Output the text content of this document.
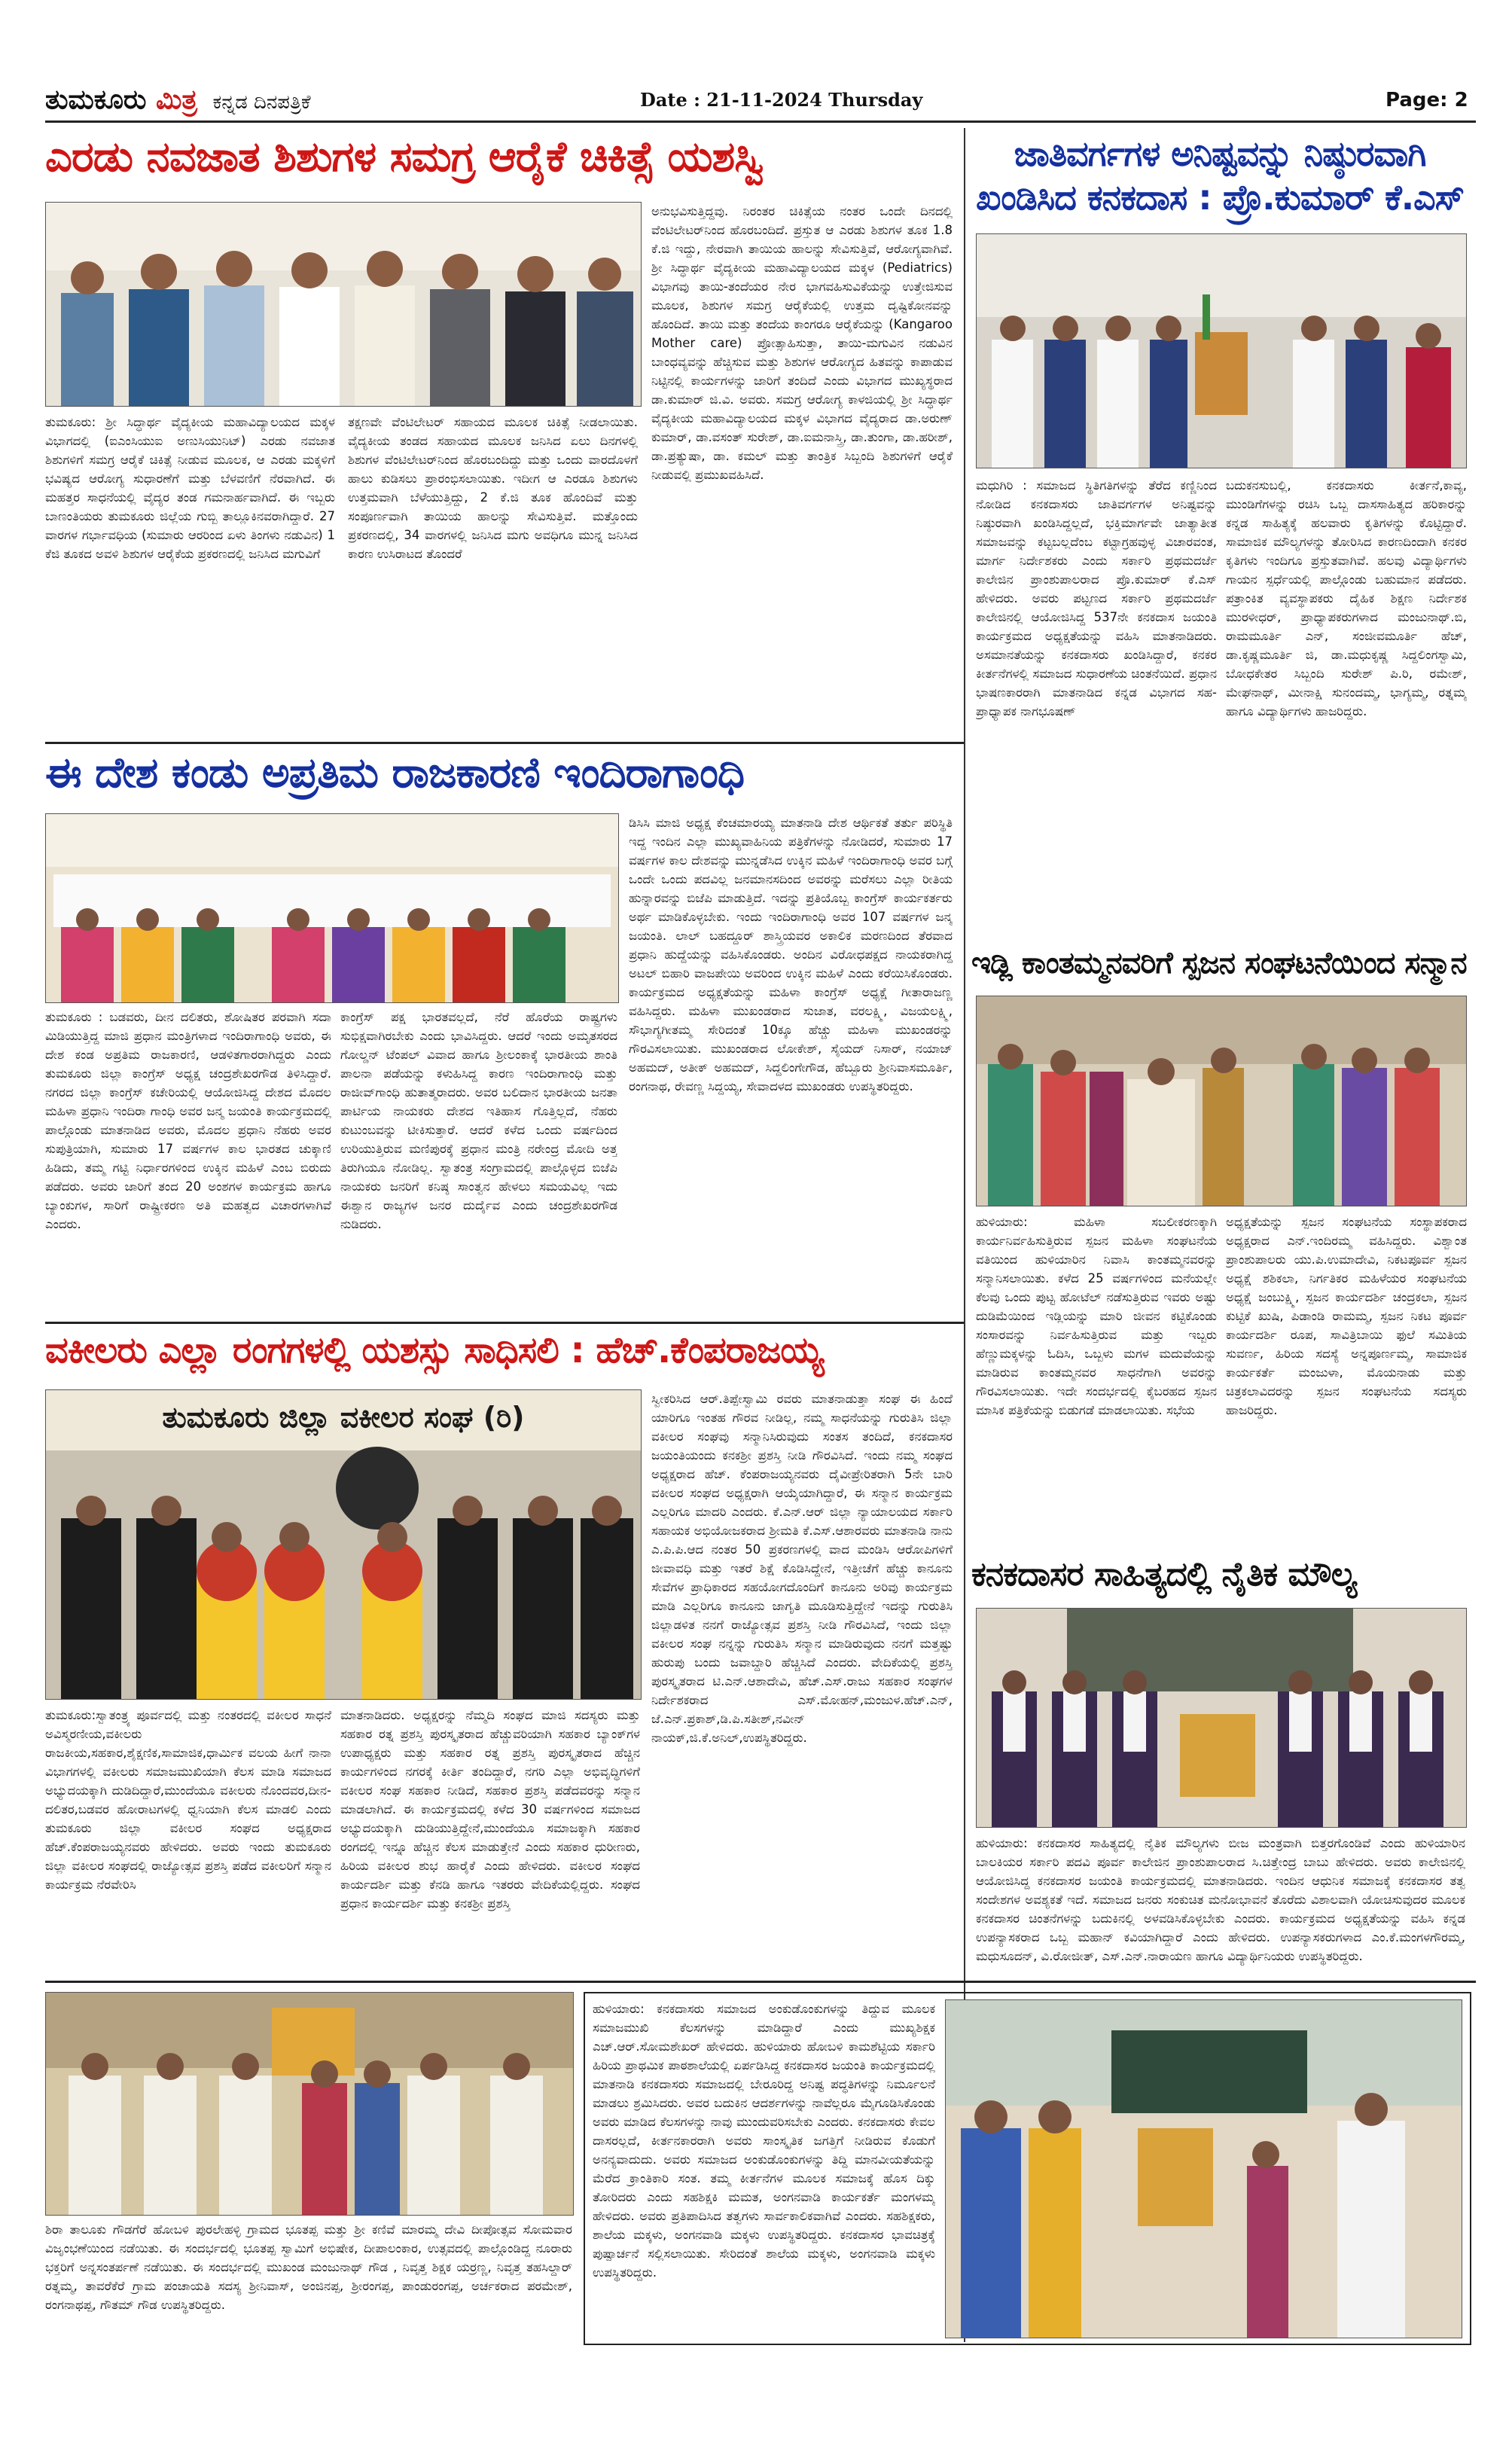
ತುಮಕೂರು ಮಿತ್ರ ಕನ್ನಡ ದಿನಪತ್ರಿಕೆ	Date : 21-11-2024 Thursday	Page: 2
ಎರಡು ನವಜಾತ ಶಿಶುಗಳ ಸಮಗ್ರ ಆರೈಕೆ ಚಿಕಿತ್ಸೆ ಯಶಸ್ವಿ
ತುಮಕೂರು: ಶ್ರೀ ಸಿದ್ಧಾರ್ಥ ವೈದ್ಯಕೀಯ ಮಹಾವಿದ್ಯಾಲಯದ ಮಕ್ಕಳ ವಿಭಾಗದಲ್ಲಿ (ಐಎಂಸಿಯುಐ ಅಣುಸಿಯುನಿಟ್) ಎರಡು ನವಜಾತ ಶಿಶುಗಳಿಗೆ ಸಮಗ್ರ ಆರೈಕೆ ಚಿಕಿತ್ಸೆ ನೀಡುವ ಮೂಲಕ, ಆ ಎರಡು ಮಕ್ಕಳಿಗೆ ಭವಿಷ್ಯದ ಆರೋಗ್ಯ ಸುಧಾರಣೆಗೆ ಮತ್ತು ಬೆಳವಣಿಗೆ ನೆರವಾಗಿದೆ. ಈ ಮಹತ್ತರ ಸಾಧನೆಯಲ್ಲಿ ವೈದ್ಯರ ತಂಡ ಗಮನಾರ್ಹವಾಗಿದೆ. ಈ ಇಬ್ಬರು ಬಾಣಂತಿಯರು ತುಮಕೂರು ಜಿಲ್ಲೆಯ ಗುಬ್ಬಿ ತಾಲ್ಲೂಕಿನವರಾಗಿದ್ದಾರೆ. 27 ವಾರಗಳ ಗರ್ಭಾವಧಿಯ (ಸುಮಾರು ಆರರಿಂದ ಏಳು ತಿಂಗಳು ನಡುವಿನ) 1 ಕೆಜಿ ತೂಕದ ಅವಳಿ ಶಿಶುಗಳ ಆರೈಕೆಯ ಪ್ರಕರಣದಲ್ಲಿ ಜನಿಸಿದ ಮಗುವಿಗೆ
ತಕ್ಷಣವೇ ವೆಂಟಿಲೇಟರ್ ಸಹಾಯದ ಮೂಲಕ ಚಿಕಿತ್ಸೆ ನೀಡಲಾಯಿತು. ವೈದ್ಯಕೀಯ ತಂಡದ ಸಹಾಯದ ಮೂಲಕ ಜನಿಸಿದ ಏಲು ದಿನಗಳಲ್ಲಿ ಶಿಶುಗಳ ವೆಂಟಿಲೇಟರ್‌ನಿಂದ ಹೊರಬಂದಿದ್ದು ಮತ್ತು ಒಂದು ವಾರದೊಳಗೆ ಹಾಲು ಕುಡಿಸಲು ಪ್ರಾರಂಭಿಸಲಾಯಿತು. ಇದೀಗ ಆ ಎರಡೂ ಶಿಶುಗಳು ಉತ್ತಮವಾಗಿ ಬೆಳೆಯುತ್ತಿದ್ದು, 2 ಕೆ.ಜಿ ತೂಕ ಹೊಂದಿವೆ ಮತ್ತು ಸಂಪೂರ್ಣವಾಗಿ ತಾಯಿಯ ಹಾಲನ್ನು ಸೇವಿಸುತ್ತಿವೆ. ಮತ್ತೊಂದು ಪ್ರಕರಣದಲ್ಲಿ, 34 ವಾರಗಳಲ್ಲಿ ಜನಿಸಿದ ಮಗು ಅವಧಿಗೂ ಮುನ್ನ ಜನಿಸಿದ ಕಾರಣ ಉಸಿರಾಟದ ತೊಂದರೆ
ಅನುಭವಿಸುತ್ತಿದ್ದವು. ನಿರಂತರ ಚಿಕಿತ್ಸೆಯ ನಂತರ ಒಂದೇ ದಿನದಲ್ಲಿ ವೆಂಟಿಲೇಟರ್‌ನಿಂದ ಹೊರಬಂದಿದೆ. ಪ್ರಸ್ತುತ ಆ ಎರಡು ಶಿಶುಗಳ ತೂಕ 1.8 ಕೆ.ಜಿ ಇದ್ದು, ನೇರವಾಗಿ ತಾಯಿಯ ಹಾಲನ್ನು ಸೇವಿಸುತ್ತಿವೆ, ಆರೋಗ್ಯವಾಗಿವೆ. ಶ್ರೀ ಸಿದ್ಧಾರ್ಥ ವೈದ್ಯಕೀಯ ಮಹಾವಿದ್ಯಾಲಯದ ಮಕ್ಕಳ (Pediatrics) ವಿಭಾಗವು ತಾಯಿ-ತಂದೆಯರ ನೇರ ಭಾಗವಹಿಸುವಿಕೆಯನ್ನು ಉತ್ತೇಜಿಸುವ ಮೂಲಕ, ಶಿಶುಗಳ ಸಮಗ್ರ ಆರೈಕೆಯಲ್ಲಿ ಉತ್ತಮ ದೃಷ್ಟಿಕೋನವನ್ನು ಹೊಂದಿದೆ. ತಾಯಿ ಮತ್ತು ತಂದೆಯ ಕಾಂಗರೂ ಆರೈಕೆಯನ್ನು (Kangaroo Mother care) ಪ್ರೋತ್ಸಾಹಿಸುತ್ತಾ, ತಾಯಿ-ಮಗುವಿನ ನಡುವಿನ ಬಾಂಧವ್ಯವನ್ನು ಹೆಚ್ಚಿಸುವ ಮತ್ತು ಶಿಶುಗಳ ಆರೋಗ್ಯದ ಹಿತವನ್ನು ಕಾಪಾಡುವ ನಿಟ್ಟಿನಲ್ಲಿ ಕಾರ್ಯಗಳನ್ನು ಜಾರಿಗೆ ತಂದಿದೆ ಎಂದು ವಿಭಾಗದ ಮುಖ್ಯಸ್ಥರಾದ ಡಾ.ಕುಮಾರ್ ಜಿ.ವಿ. ಅವರು. ಸಮಗ್ರ ಆರೋಗ್ಯ ಕಾಳಜಿಯಲ್ಲಿ ಶ್ರೀ ಸಿದ್ಧಾರ್ಥ ವೈದ್ಯಕೀಯ ಮಹಾವಿದ್ಯಾಲಯದ ಮಕ್ಕಳ ವಿಭಾಗದ ವೈದ್ಯರಾದ ಡಾ.ಅರುಣ್ ಕುಮಾರ್, ಡಾ.ವಸಂತ್ ಸುರೇಶ್, ಡಾ.ಐಮನಾಸ್ತ್ರಿ, ಡಾ.ತುಂಗಾ, ಡಾ.ಹರೀಶ್, ಡಾ.ಪ್ರತ್ಯುಷಾ, ಡಾ. ಕಮಲ್ ಮತ್ತು ತಾಂತ್ರಿಕ ಸಿಬ್ಬಂದಿ ಶಿಶುಗಳಿಗೆ ಆರೈಕೆ ನೀಡುವಲ್ಲಿ ಪ್ರಮುಖವಹಿಸಿದೆ.
ಜಾತಿವರ್ಗಗಳ ಅನಿಷ್ಟವನ್ನು ನಿಷ್ಠುರವಾಗಿ
ಖಂಡಿಸಿದ ಕನಕದಾಸ : ಪ್ರೊ.ಕುಮಾರ್ ಕೆ.ಎಸ್
ಮಧುಗಿರಿ : ಸಮಾಜದ ಸ್ಥಿತಿಗತಿಗಳನ್ನು ತೆರೆದ ಕಣ್ಣಿನಿಂದ ನೋಡಿದ ಕನಕದಾಸರು ಜಾತಿವರ್ಗಗಳ ಅನಿಷ್ಟವನ್ನು ನಿಷ್ಠುರವಾಗಿ ಖಂಡಿಸಿದ್ದಲ್ಲದೆ, ಭಕ್ತಿಮಾರ್ಗವೇ ಜಾತ್ಯಾತೀತ ಸಮಾಜವನ್ನು ಕಟ್ಟಬಲ್ಲದೆಂಬ ಕಟ್ಟಾಗ್ರಹವುಳ್ಳ ವಿಚಾರವಂತ, ಮಾರ್ಗ ನಿರ್ದೇಶಕರು ಎಂದು ಸರ್ಕಾರಿ ಪ್ರಥಮದರ್ಜೆ ಕಾಲೇಜಿನ ಪ್ರಾಂಶುಪಾಲರಾದ ಪ್ರೊ.ಕುಮಾರ್ ಕೆ.ಎಸ್ ಹೇಳಿದರು. ಅವರು ಪಟ್ಟಣದ ಸರ್ಕಾರಿ ಪ್ರಥಮದರ್ಜೆ ಕಾಲೇಜಿನಲ್ಲಿ ಆಯೋಜಿಸಿದ್ದ 537ನೇ ಕನಕದಾಸ ಜಯಂತಿ ಕಾರ್ಯಕ್ರಮದ ಅಧ್ಯಕ್ಷತೆಯನ್ನು ವಹಿಸಿ ಮಾತನಾಡಿದರು. ಅಸಮಾನತೆಯನ್ನು ಕನಕದಾಸರು ಖಂಡಿಸಿದ್ದಾರೆ, ಕನಕರ ಕೀರ್ತನೆಗಳಲ್ಲಿ ಸಮಾಜದ ಸುಧಾರಣೆಯ ಚಿಂತನೆಯಿದೆ. ಪ್ರಧಾನ ಭಾಷಣಕಾರರಾಗಿ ಮಾತನಾಡಿದ ಕನ್ನಡ ವಿಭಾಗದ ಸಹ-ಪ್ರಾಧ್ಯಾಪಕ ನಾಗಭೂಷಣ್
ಬದುಕನಸುಬಲ್ಲಿ, ಕನಕದಾಸರು ಕೀರ್ತನೆ,ಕಾವ್ಯ, ಮುಂಡಿಗೆಗಳನ್ನು ರಚಿಸಿ ಒಬ್ಬ ದಾಸಸಾಹಿತ್ಯದ ಹರಿಕಾರನ್ನು ಕನ್ನಡ ಸಾಹಿತ್ಯಕ್ಕೆ ಹಲವಾರು ಕೃತಿಗಳನ್ನು ಕೊಟ್ಟಿದ್ದಾರೆ. ಸಾಮಾಜಿಕ ಮೌಲ್ಯಗಳನ್ನು ತೋರಿಸಿದ ಕಾರಣದಿಂದಾಗಿ ಕನಕರ ಕೃತಿಗಳು ಇಂದಿಗೂ ಪ್ರಸ್ತುತವಾಗಿವೆ. ಹಲವು ವಿದ್ಯಾರ್ಥಿಗಳು ಗಾಯನ ಸ್ಪರ್ಧೆಯಲ್ಲಿ ಪಾಲ್ಗೊಂಡು ಬಹುಮಾನ ಪಡೆದರು. ಪತ್ರಾಂಕಿತ ವ್ಯವಸ್ಥಾಪಕರು ದೈಹಿಕ ಶಿಕ್ಷಣ ನಿರ್ದೇಶಕ ಮುರಳೀಧರ್, ಪ್ರಾಧ್ಯಾಪಕರುಗಳಾದ ಮಂಜುನಾಥ್.ಬಿ, ರಾಮಮೂರ್ತಿ ಎನ್, ಸಂಜೀವಮೂರ್ತಿ ಹೆಚ್, ಡಾ.ಕೃಷ್ಣಮೂರ್ತಿ ಜಿ, ಡಾ.ಮಧುಕೃಷ್ಣ ಸಿದ್ದಲಿಂಗಸ್ವಾಮಿ, ಬೋಧಕೇತರ ಸಿಬ್ಬಂದಿ ಸುರೇಶ್ ಪಿ.ರಿ, ರಮೇಶ್, ಮೇಘನಾಥ್, ಮೀನಾಕ್ಷಿ ಸುನಂದಮ್ಮ, ಭಾಗ್ಯಮ್ಮ, ರತ್ನಮ್ಮ ಹಾಗೂ ವಿದ್ಯಾರ್ಥಿಗಳು ಹಾಜರಿದ್ದರು.
ಈ ದೇಶ ಕಂಡು ಅಪ್ರತಿಮ ರಾಜಕಾರಣಿ ಇಂದಿರಾಗಾಂಧಿ
ತುಮಕೂರು : ಬಡವರು, ದೀನ ದಲಿತರು, ಶೋಷಿತರ ಪರವಾಗಿ ಸದಾ ಮಿಡಿಯುತ್ತಿದ್ದ ಮಾಜಿ ಪ್ರಧಾನ ಮಂತ್ರಿಗಳಾದ ಇಂದಿರಾಗಾಂಧಿ ಅವರು, ಈ ದೇಶ ಕಂಡ ಅಪ್ರತಿಮ ರಾಜಕಾರಣಿ, ಆಡಳಿತಗಾರರಾಗಿದ್ದರು ಎಂದು ತುಮಕೂರು ಜಿಲ್ಲಾ ಕಾಂಗ್ರೆಸ್ ಅಧ್ಯಕ್ಷ ಚಂದ್ರಶೇಖರಗೌಡ ತಿಳಿಸಿದ್ದಾರೆ. ನಗರದ ಜಿಲ್ಲಾ ಕಾಂಗ್ರೆಸ್ ಕಚೇರಿಯಲ್ಲಿ ಆಯೋಜಿಸಿದ್ದ ದೇಶದ ಮೊದಲ ಮಹಿಳಾ ಪ್ರಧಾನಿ ಇಂದಿರಾ ಗಾಂಧಿ ಅವರ ಜನ್ಮ ಜಯಂತಿ ಕಾರ್ಯಕ್ರಮದಲ್ಲಿ ಪಾಲ್ಗೊಂಡು ಮಾತನಾಡಿದ ಅವರು, ಮೊದಲ ಪ್ರಧಾನಿ ನೆಹರು ಅವರ ಸುಪುತ್ರಿಯಾಗಿ, ಸುಮಾರು 17 ವರ್ಷಗಳ ಕಾಲ ಭಾರತದ ಚುಕ್ಕಾಣಿ ಹಿಡಿದು, ತಮ್ಮ ಗಟ್ಟಿ ನಿರ್ಧಾರಗಳಿಂದ ಉಕ್ಕಿನ ಮಹಿಳೆ ಎಂಬ ಬಿರುದು ಪಡೆದರು. ಅವರು ಜಾರಿಗೆ ತಂದ 20 ಅಂಶಗಳ ಕಾರ್ಯಕ್ರಮ ಹಾಗೂ ಬ್ಯಾಂಕುಗಳ, ಸಾರಿಗೆ ರಾಷ್ಟ್ರೀಕರಣ ಅತಿ ಮಹತ್ವದ ವಿಚಾರಗಳಾಗಿವೆ ಎಂದರು.
ಕಾಂಗ್ರೆಸ್ ಪಕ್ಷ ಭಾರತವಲ್ಲದೆ, ನೆರೆ ಹೊರೆಯ ರಾಷ್ಟ್ರಗಳು ಸುಭಿಕ್ಷವಾಗಿರಬೇಕು ಎಂದು ಭಾವಿಸಿದ್ದರು. ಆದರೆ ಇಂದು ಅಮೃತಸರದ ಗೋಲ್ಡನ್ ಟೆಂಪಲ್ ವಿವಾದ ಹಾಗೂ ಶ್ರೀಲಂಕಾಕ್ಕೆ ಭಾರತೀಯ ಶಾಂತಿ ಪಾಲನಾ ಪಡೆಯನ್ನು ಕಳುಹಿಸಿದ್ದ ಕಾರಣ ಇಂದಿರಾಗಾಂಧಿ ಮತ್ತು ರಾಜೀವ್‌ಗಾಂಧಿ ಹುತಾತ್ಮರಾದರು. ಅವರ ಬಲಿದಾನ ಭಾರತೀಯ ಜನತಾ ಪಾರ್ಟಿಯ ನಾಯಕರು ದೇಶದ ಇತಿಹಾಸ ಗೊತ್ತಿಲ್ಲದೆ, ನೆಹರು ಕುಟುಂಬವನ್ನು ಟೀಕಿಸುತ್ತಾರೆ. ಆದರೆ ಕಳೆದ ಒಂದು ವರ್ಷದಿಂದ ಉರಿಯುತ್ತಿರುವ ಮಣಿಪುರಕ್ಕೆ ಪ್ರಧಾನ ಮಂತ್ರಿ ನರೇಂದ್ರ ಮೋದಿ ಅತ್ತ ತಿರುಗಿಯೂ ನೋಡಿಲ್ಲ. ಸ್ವಾತಂತ್ರ ಸಂಗ್ರಾಮದಲ್ಲಿ ಪಾಲ್ಗೊಳ್ಳದ ಬಿಜೆಪಿ ನಾಯಕರು ಜನರಿಗೆ ಕನಿಷ್ಠ ಸಾಂತ್ವನ ಹೇಳಲು ಸಮಯವಿಲ್ಲ ಇದು ಈಶ್ವಾನ ರಾಜ್ಯಗಳ ಜನರ ದುರ್ದೈವ ಎಂದು ಚಂದ್ರಶೇಖರಗೌಡ ನುಡಿದರು.
ಡಿಸಿಸಿ ಮಾಜಿ ಅಧ್ಯಕ್ಷ ಕೆಂಚಮಾರಯ್ಯ ಮಾತನಾಡಿ ದೇಶ ಆರ್ಥಿಕತೆ ತರ್ತು ಪರಿಸ್ಥಿತಿ ಇದ್ದ ಇಂದಿನ ಎಲ್ಲಾ ಮುಖ್ಯವಾಹಿನಿಯ ಪತ್ರಿಕೆಗಳನ್ನು ನೋಡಿದರೆ, ಸುಮಾರು 17 ವರ್ಷಗಳ ಕಾಲ ದೇಶವನ್ನು ಮುನ್ನಡೆಸಿದ ಉಕ್ಕಿನ ಮಹಿಳೆ ಇಂದಿರಾಗಾಂಧಿ ಅವರ ಬಗ್ಗೆ ಒಂದೇ ಒಂದು ಪದವಿಲ್ಲ ಜನಮಾನಸದಿಂದ ಅವರನ್ನು ಮರೆಸಲು ಎಲ್ಲಾ ರೀತಿಯ ಹುನ್ನಾರವನ್ನು ಬಿಜೆಪಿ ಮಾಡುತ್ತಿದೆ. ಇದನ್ನು ಪ್ರತಿಯೊಬ್ಬ ಕಾಂಗ್ರೆಸ್ ಕಾರ್ಯಕರ್ತರು ಅರ್ಥ ಮಾಡಿಕೊಳ್ಳಬೇಕು. ಇಂದು ಇಂದಿರಾಗಾಂಧಿ ಅವರ 107 ವರ್ಷಗಳ ಜನ್ಮ ಜಯಂತಿ. ಲಾಲ್ ಬಹದ್ದೂರ್ ಶಾಸ್ತ್ರಿಯವರ ಅಕಾಲಿಕ ಮರಣದಿಂದ ತೆರವಾದ ಪ್ರಧಾನಿ ಹುದ್ದೆಯನ್ನು ವಹಿಸಿಕೊಂಡರು. ಅಂದಿನ ವಿರೋಧಪಕ್ಷದ ನಾಯಕರಾಗಿದ್ದ ಅಟಲ್ ಬಿಹಾರಿ ವಾಜಪೇಯಿ ಅವರಿಂದ ಉಕ್ಕಿನ ಮಹಿಳೆ ಎಂದು ಕರೆಯಿಸಿಕೊಂಡರು. ಕಾರ್ಯಕ್ರಮದ ಅಧ್ಯಕ್ಷತೆಯನ್ನು ಮಹಿಳಾ ಕಾಂಗ್ರೆಸ್ ಅಧ್ಯಕ್ಷೆ ಗೀತಾರಾಜಣ್ಣ ವಹಿಸಿದ್ದರು. ಮಹಿಳಾ ಮುಖಂಡರಾದ ಸುಜಾತ, ವರಲಕ್ಷ್ಮಿ, ವಿಜಯಲಕ್ಷ್ಮಿ, ಸೌಭಾಗ್ಯಗೀತಮ್ಮ ಸೇರಿದಂತೆ 10ಕ್ಕೂ ಹೆಚ್ಚು ಮಹಿಳಾ ಮುಖಂಡರನ್ನು ಗೌರವಿಸಲಾಯಿತು. ಮುಖಂಡರಾದ ಲೋಕೇಶ್, ಸೈಯದ್ ನಿಸಾರ್, ನಯಾಜ್ ಅಹಮದ್, ಅತೀಕ್ ಅಹಮದ್, ಸಿದ್ದಲಿಂಗೇಗೌಡ, ಹೆಬ್ಬೂರು ಶ್ರೀನಿವಾಸಮೂರ್ತಿ, ರಂಗನಾಥ, ರೇವಣ್ಣ ಸಿದ್ದಯ್ಯ, ಸೇವಾದಳದ ಮುಖಂಡರು ಉಪಸ್ಥಿತರಿದ್ದರು.
ಇಡ್ಲಿ ಕಾಂತಮ್ಮನವರಿಗೆ ಸ್ಪಜನ ಸಂಘಟನೆಯಿಂದ ಸನ್ಮಾನ
ಹುಳಿಯಾರು: ಮಹಿಳಾ ಸಬಲೀಕರಣಕ್ಕಾಗಿ ಕಾರ್ಯನಿರ್ವಹಿಸುತ್ತಿರುವ ಸ್ಪಜನ ಮಹಿಳಾ ಸಂಘಟನೆಯ ವತಿಯಿಂದ ಹುಳಿಯಾರಿನ ನಿವಾಸಿ ಕಾಂತಮ್ಮನವರನ್ನು ಸನ್ಮಾನಿಸಲಾಯಿತು. ಕಳೆದ 25 ವರ್ಷಗಳಿಂದ ಮನೆಯಲ್ಲೇ ಕೆಲವು ಒಂದು ಪುಟ್ಟ ಹೋಟೆಲ್ ನಡೆಸುತ್ತಿರುವ ಇವರು ಅಷ್ಟು ದುಡಿಮೆಯಿಂದ ಇಡ್ಲಿಯನ್ನು ಮಾರಿ ಜೀವನ ಕಟ್ಟಿಕೊಂಡು ಸಂಸಾರವನ್ನು ನಿರ್ವಹಿಸುತ್ತಿರುವ ಮತ್ತು ಇಬ್ಬರು ಹೆಣ್ಣುಮಕ್ಕಳನ್ನು ಓದಿಸಿ, ಒಬ್ಬಳು ಮಗಳ ಮದುವೆಯನ್ನು ಮಾಡಿರುವ ಕಾಂತಮ್ಮನವರ ಸಾಧನೆಗಾಗಿ ಅವರನ್ನು ಗೌರವಿಸಲಾಯಿತು. ಇದೇ ಸಂದರ್ಭದಲ್ಲಿ ಕೈಬರಹದ ಸ್ಪಜನ ಮಾಸಿಕ ಪತ್ರಿಕೆಯನ್ನು ಬಿಡುಗಡೆ ಮಾಡಲಾಯಿತು. ಸಭೆಯ
ಅಧ್ಯಕ್ಷತೆಯನ್ನು ಸ್ಪಜನ ಸಂಘಟನೆಯ ಸಂಸ್ಥಾಪಕರಾದ ಅಧ್ಯಕ್ಷರಾದ ಎನ್.ಇಂದಿರಮ್ಮ ವಹಿಸಿದ್ದರು. ವಿಶ್ವಾಂತ ಪ್ರಾಂಶುಪಾಲರು ಯು.ಪಿ.ಉಮಾದೇವಿ, ನಿಕಟಪೂರ್ವ ಸ್ಪಜನ ಅಧ್ಯಕ್ಷೆ ಶಶಿಕಲಾ, ನಿರ್ಗತಿಕರ ಮಹಿಳೆಯರ ಸಂಘಟನೆಯ ಅಧ್ಯಕ್ಷೆ ಜಂಬುಕ್ಷ್ಮಿ, ಸ್ಪಜನ ಕಾರ್ಯದರ್ಶಿ ಚಂದ್ರಕಲಾ, ಸ್ಪಜನ ಕುಟ್ಟಿಕೆ ಖುಷಿ, ಪಿಡಾಂಡಿ ರಾಮಮ್ಮ, ಸ್ಪಜನ ನಿಕಟ ಪೂರ್ವ ಕಾರ್ಯದರ್ಶಿ ರೂಪ, ಸಾವಿತ್ರಿಬಾಯಿ ಫುಲೆ ಸಮಿತಿಯ ಸುವರ್ಣ, ಹಿರಿಯ ಸದಸ್ಯೆ ಅನ್ನಪೂರ್ಣಮ್ಮ, ಸಾಮಾಜಿಕ ಕಾರ್ಯಕರ್ತೆ ಮಂಜುಳಾ, ಮೊಯನಾಡು ಮತ್ತು ಚಿತ್ರಕಲಾವಿದರನ್ನು ಸ್ಪಜನ ಸಂಘಟನೆಯ ಸದಸ್ಯರು ಹಾಜರಿದ್ದರು.
ವಕೀಲರು ಎಲ್ಲಾ ರಂಗಗಳಲ್ಲಿ ಯಶಸ್ಸು ಸಾಧಿಸಲಿ : ಹೆಚ್.ಕೆಂಪರಾಜಯ್ಯ
ತುಮಕೂರು ಜಿಲ್ಲಾ ವಕೀಲರ ಸಂಘ (ರಿ)
ತುಮಕೂರು:ಸ್ವಾತಂತ್ರ್ಯ ಪೂರ್ವದಲ್ಲಿ ಮತ್ತು ನಂತರದಲ್ಲಿ ವಕೀಲರ ಸಾಧನೆ ಅವಿಸ್ಮರಣೀಯ,ವಕೀಲರು ರಾಜಕೀಯ,ಸಹಕಾರ,ಶೈಕ್ಷಣಿಕ,ಸಾಮಾಜಿಕ,ಧಾರ್ಮಿಕ ವಲಯ ಹೀಗೆ ನಾನಾ ವಿಭಾಗಗಳಲ್ಲಿ ವಕೀಲರು ಸಮಾಜಮುಖಿಯಾಗಿ ಕೆಲಸ ಮಾಡಿ ಸಮಾಜದ ಅಭ್ಯುದಯಕ್ಕಾಗಿ ದುಡಿದಿದ್ದಾರೆ,ಮುಂದೆಯೂ ವಕೀಲರು ನೊಂದವರ,ದೀನ-ದಲಿತರ,ಬಡವರ ಹೋರಾಟಗಳಲ್ಲಿ ಧ್ವನಿಯಾಗಿ ಕೆಲಸ ಮಾಡಲಿ ಎಂದು ತುಮಕೂರು ಜಿಲ್ಲಾ ವಕೀಲರ ಸಂಘದ ಅಧ್ಯಕ್ಷರಾದ ಹೆಚ್.ಕೆಂಪರಾಜಯ್ಯನವರು ಹೇಳಿದರು. ಅವರು ಇಂದು ತುಮಕೂರು ಜಿಲ್ಲಾ ವಕೀಲರ ಸಂಘದಲ್ಲಿ ರಾಜ್ಯೋತ್ಸವ ಪ್ರಶಸ್ತಿ ಪಡೆದ ವಕೀಲರಿಗೆ ಸನ್ಮಾನ ಕಾರ್ಯಕ್ರಮ ನೆರವೇರಿಸಿ
ಮಾತನಾಡಿದರು. ಅಧ್ಯಕ್ಷರನ್ನು ನೆಮ್ಮದಿ ಸಂಘದ ಮಾಜಿ ಸದಸ್ಯರು ಮತ್ತು ಸಹಕಾರ ರತ್ನ ಪ್ರಶಸ್ತಿ ಪುರಸ್ಕೃತರಾದ ಹೆಚ್ಚುವರಿಯಾಗಿ ಸಹಕಾರ ಬ್ಯಾಂಕ್‌ಗಳ ಉಪಾಧ್ಯಕ್ಷರು ಮತ್ತು ಸಹಕಾರ ರತ್ನ ಪ್ರಶಸ್ತಿ ಪುರಸ್ಕೃತರಾದ ಹೆಚ್ಚಿನ ಕಾರ್ಯಗಳಿಂದ ನಗರಕ್ಕೆ ಕೀರ್ತಿ ತಂದಿದ್ದಾರೆ, ನಗರಿ ಎಲ್ಲಾ ಅಭಿವೃದ್ಧಿಗಳಿಗೆ ವಕೀಲರ ಸಂಘ ಸಹಕಾರ ನೀಡಿದೆ, ಸಹಕಾರ ಪ್ರಶಸ್ತಿ ಪಡೆದವರನ್ನು ಸನ್ಮಾನ ಮಾಡಲಾಗಿದೆ. ಈ ಕಾರ್ಯಕ್ರಮದಲ್ಲಿ ಕಳೆದ 30 ವರ್ಷಗಳಿಂದ ಸಮಾಜದ ಅಭ್ಯುದಯಕ್ಕಾಗಿ ದುಡಿಯುತ್ತಿದ್ದೇನೆ,ಮುಂದೆಯೂ ಸಮಾಜಕ್ಕಾಗಿ ಸಹಕಾರ ರಂಗದಲ್ಲಿ ಇನ್ನೂ ಹೆಚ್ಚಿನ ಕೆಲಸ ಮಾಡುತ್ತೇನೆ ಎಂದು ಸಹಕಾರ ಧುರೀಣರು, ಹಿರಿಯ ವಕೀಲರ ಶುಭ ಹಾರೈಕೆ ಎಂದು ಹೇಳಿದರು. ವಕೀಲರ ಸಂಘದ ಕಾರ್ಯದರ್ಶಿ ಮತ್ತು ಕೆನಡಿ ಹಾಗೂ ಇತರರು ವೇದಿಕೆಯಲ್ಲಿದ್ದರು. ಸಂಘದ ಪ್ರಧಾನ ಕಾರ್ಯದರ್ಶಿ ಮತ್ತು ಕನಕಶ್ರೀ ಪ್ರಶಸ್ತಿ
ಸ್ವೀಕರಿಸಿದ ಆರ್.ತಿಪ್ಪೇಸ್ವಾಮಿ ರವರು ಮಾತನಾಡುತ್ತಾ ಸಂಘ ಈ ಹಿಂದೆ ಯಾರಿಗೂ ಇಂತಹ ಗೌರವ ನೀಡಿಲ್ಲ, ನಮ್ಮ ಸಾಧನೆಯನ್ನು ಗುರುತಿಸಿ ಜಿಲ್ಲಾ ವಕೀಲರ ಸಂಘವು ಸನ್ಮಾನಿಸಿರುವುದು ಸಂತಸ ತಂದಿದೆ, ಕನಕದಾಸರ ಜಯಂತಿಯಂದು ಕನಕಶ್ರೀ ಪ್ರಶಸ್ತಿ ನೀಡಿ ಗೌರವಿಸಿದೆ. ಇಂದು ನಮ್ಮ ಸಂಘದ ಅಧ್ಯಕ್ಷರಾದ ಹೆಚ್. ಕೆಂಪರಾಜಯ್ಯನವರು ದೈವೀಪ್ರೇರಿತರಾಗಿ 5ನೇ ಬಾರಿ ವಕೀಲರ ಸಂಘದ ಅಧ್ಯಕ್ಷರಾಗಿ ಆಯ್ಕೆಯಾಗಿದ್ದಾರೆ, ಈ ಸನ್ಮಾನ ಕಾರ್ಯಕ್ರಮ ಎಲ್ಲರಿಗೂ ಮಾದರಿ ಎಂದರು. ಕೆ.ಎನ್.ಆರ್ ಜಿಲ್ಲಾ ನ್ಯಾಯಾಲಯದ ಸರ್ಕಾರಿ ಸಹಾಯಕ ಅಭಿಯೋಜಕರಾದ ಶ್ರೀಮತಿ ಕೆ.ಎಸ್.ಆಶಾರವರು ಮಾತನಾಡಿ ನಾನು ಎ.ಪಿ.ಪಿ.ಆದ ನಂತರ 50 ಪ್ರಕರಣಗಳಲ್ಲಿ ವಾದ ಮಂಡಿಸಿ ಆರೋಪಿಗಳಿಗೆ ಜೀವಾವಧಿ ಮತ್ತು ಇತರೆ ಶಿಕ್ಷೆ ಕೊಡಿಸಿದ್ದೇನೆ, ಇತ್ತೀಚೆಗೆ ಹೆಚ್ಚು ಕಾನೂನು ಸೇವೆಗಳ ಪ್ರಾಧಿಕಾರದ ಸಹಯೋಗದೊಂದಿಗೆ ಕಾನೂನು ಅರಿವು ಕಾರ್ಯಕ್ರಮ ಮಾಡಿ ಎಲ್ಲರಿಗೂ ಕಾನೂನು ಜಾಗೃತಿ ಮೂಡಿಸುತ್ತಿದ್ದೇನೆ ಇದನ್ನು ಗುರುತಿಸಿ ಜಿಲ್ಲಾಡಳಿತ ನನಗೆ ರಾಜ್ಯೋತ್ಸವ ಪ್ರಶಸ್ತಿ ನೀಡಿ ಗೌರವಿಸಿದೆ, ಇಂದು ಜಿಲ್ಲಾ ವಕೀಲರ ಸಂಘ ನನ್ನನ್ನು ಗುರುತಿಸಿ ಸನ್ಮಾನ ಮಾಡಿರುವುದು ನನಗೆ ಮತ್ತಷ್ಟು ಹುರುಪು ಬಂದು ಜವಾಬ್ದಾರಿ ಹೆಚ್ಚಿಸಿದೆ ಎಂದರು. ವೇದಿಕೆಯಲ್ಲಿ ಪ್ರಶಸ್ತಿ ಪುರಸ್ಕೃತರಾದ ಟಿ.ಎನ್.ಆಶಾದೇವಿ, ಹೆಚ್.ಎಸ್.ರಾಜು ಸಹಕಾರ ಸಂಘಗಳ ನಿರ್ದೇಶಕರಾದ ಎಸ್.ಮೋಹನ್,ಮಂಜುಳ.ಹೆಚ್.ಎನ್, ಜೆ.ಎನ್.ಪ್ರಕಾಶ್,ಡಿ.ಪಿ.ಸತೀಶ್,ನವೀನ್ ನಾಯಕ್,ಜಿ.ಕೆ.ಅನಿಲ್,ಉಪಸ್ಥಿತರಿದ್ದರು.
ಕನಕದಾಸರ ಸಾಹಿತ್ಯದಲ್ಲಿ ನೈತಿಕ ಮೌಲ್ಯ
ಹುಳಿಯಾರು: ಕನಕದಾಸರ ಸಾಹಿತ್ಯದಲ್ಲಿ ನೈತಿಕ ಮೌಲ್ಯಗಳು ಬೀಜ ಮಂತ್ರವಾಗಿ ಬಿತ್ತರಗೊಂಡಿವೆ ಎಂದು ಹುಳಿಯಾರಿನ ಬಾಲಕಿಯರ ಸರ್ಕಾರಿ ಪದವಿ ಪೂರ್ವ ಕಾಲೇಜಿನ ಪ್ರಾಂಶುಪಾಲರಾದ ಸಿ.ಚಿತ್ತೇಂದ್ರ ಬಾಬು ಹೇಳಿದರು. ಅವರು ಕಾಲೇಜಿನಲ್ಲಿ ಆಯೋಜಿಸಿದ್ದ ಕನಕದಾಸರ ಜಯಂತಿ ಕಾರ್ಯಕ್ರಮದಲ್ಲಿ ಮಾತನಾಡಿದರು. ಇಂದಿನ ಆಧುನಿಕ ಸಮಾಜಕ್ಕೆ ಕನಕದಾಸರ ತತ್ವ ಸಂದೇಶಗಳ ಅವಶ್ಯಕತೆ ಇದೆ. ಸಮಾಜದ ಜನರು ಸಂಕುಚಿತ ಮನೋಭಾವನೆ ತೊರೆದು ವಿಶಾಲವಾಗಿ ಯೋಚಿಸುವುದರ ಮೂಲಕ ಕನಕದಾಸರ ಚಿಂತನೆಗಳನ್ನು ಬದುಕಿನಲ್ಲಿ ಅಳವಡಿಸಿಕೊಳ್ಳಬೇಕು ಎಂದರು. ಕಾರ್ಯಕ್ರಮದ ಅಧ್ಯಕ್ಷತೆಯನ್ನು ವಹಿಸಿ ಕನ್ನಡ ಉಪನ್ಯಾಸಕರಾದ ಒಬ್ಬ ಮಹಾನ್ ಕವಿಯಾಗಿದ್ದಾರೆ ಎಂದು ಹೇಳಿದರು. ಉಪನ್ಯಾಸಕರುಗಳಾದ ಎಂ.ಕೆ.ಮಂಗಳಗೌರಮ್ಮ, ಮಧುಸೂದನ್, ವಿ.ರೋಜೀತ್, ಎಸ್.ಎನ್.ನಾರಾಯಣ ಹಾಗೂ ವಿದ್ಯಾರ್ಥಿನಿಯರು ಉಪಸ್ಥಿತರಿದ್ದರು.
ಶಿರಾ ತಾಲೂಕು ಗೌಡಗೆರೆ ಹೋಬಳಿ ಪುರಲೇಹಳ್ಳಿ ಗ್ರಾಮದ ಭೂತಪ್ಪ ಮತ್ತು ಶ್ರೀ ಕಣಿವೆ ಮಾರಮ್ಮ ದೇವಿ ದೀಪೋತ್ಸವ ಸೋಮವಾರ ವಿಜೃಂಭಣೆಯಿಂದ ನಡೆಯಿತು. ಈ ಸಂದರ್ಭದಲ್ಲಿ ಭೂತಪ್ಪ ಸ್ವಾಮಿಗೆ ಅಭಿಷೇಕ, ದೀಪಾಲಂಕಾರ, ಉತ್ಸವದಲ್ಲಿ ಪಾಲ್ಗೊಂಡಿದ್ದ ನೂರಾರು ಭಕ್ತರಿಗೆ ಅನ್ನಸಂತರ್ಪಣೆ ನಡೆಯಿತು. ಈ ಸಂದರ್ಭದಲ್ಲಿ ಮುಖಂಡ ಮಂಜುನಾಥ್ ಗೌಡ , ನಿವೃತ್ತ ಶಿಕ್ಷಕ ಯರ್ರಣ್ಣ, ನಿವೃತ್ತ ತಹಸಿಲ್ದಾರ್ ರತ್ನಮ್ಮ, ತಾವರೆಕೆರೆ ಗ್ರಾಮ ಪಂಚಾಯತಿ ಸದಸ್ಯ ಶ್ರೀನಿವಾಸ್, ಅಂಜಿನಪ್ಪ, ಶ್ರೀರಂಗಪ್ಪ, ಪಾಂಡುರಂಗಪ್ಪ, ಅರ್ಚಕರಾದ ಪರಮೇಶ್, ರಂಗನಾಥಪ್ಪ, ಗೌತಮ್ ಗೌಡ ಉಪಸ್ಥಿತರಿದ್ದರು.
ಹುಳಿಯಾರು: ಕನಕದಾಸರು ಸಮಾಜದ ಅಂಕುಡೊಂಕುಗಳನ್ನು ತಿದ್ದುವ ಮೂಲಕ ಸಮಾಜಮುಖಿ ಕೆಲಸಗಳನ್ನು ಮಾಡಿದ್ದಾರೆ ಎಂದು ಮುಖ್ಯಶಿಕ್ಷಕ ಎಚ್.ಆರ್.ಸೋಮಶೇಖರ್ ಹೇಳಿದರು. ಹುಳಿಯಾರು ಹೋಬಳಿ ಕಾಮಶೆಟ್ಟಿಯ ಸರ್ಕಾರಿ ಹಿರಿಯ ಪ್ರಾಥಮಿಕ ಪಾಠಶಾಲೆಯಲ್ಲಿ ಏರ್ಪಡಿಸಿದ್ದ ಕನಕದಾಸರ ಜಯಂತಿ ಕಾರ್ಯಕ್ರಮದಲ್ಲಿ ಮಾತನಾಡಿ ಕನಕದಾಸರು ಸಮಾಜದಲ್ಲಿ ಬೇರೂರಿದ್ದ ಅನಿಷ್ಟ ಪದ್ಧತಿಗಳನ್ನು ನಿರ್ಮೂಲನೆ ಮಾಡಲು ಶ್ರಮಿಸಿದರು. ಅವರ ಬದುಕಿನ ಆದರ್ಶಗಳನ್ನು ನಾವೆಲ್ಲರೂ ಮೈಗೂಡಿಸಿಕೊಂಡು ಅವರು ಮಾಡಿದ ಕೆಲಸಗಳನ್ನು ನಾವು ಮುಂದುವರಿಸಬೇಕು ಎಂದರು. ಕನಕದಾಸರು ಕೇವಲ ದಾಸರಲ್ಲದೆ, ಕೀರ್ತನಕಾರರಾಗಿ ಅವರು ಸಾಂಸ್ಕೃತಿಕ ಜಗತ್ತಿಗೆ ನೀಡಿರುವ ಕೊಡುಗೆ ಅನನ್ಯವಾದುದು. ಅವರು ಸಮಾಜದ ಅಂಕುಡೊಂಕುಗಳನ್ನು ತಿದ್ದಿ ಮಾನವೀಯತೆಯನ್ನು ಮೆರೆದ ಕ್ರಾಂತಿಕಾರಿ ಸಂತ. ತಮ್ಮ ಕೀರ್ತನೆಗಳ ಮೂಲಕ ಸಮಾಜಕ್ಕೆ ಹೊಸ ದಿಕ್ಕು ತೋರಿದರು ಎಂದು ಸಹಶಿಕ್ಷಕಿ ಮಮತ, ಅಂಗನವಾಡಿ ಕಾರ್ಯಕರ್ತೆ ಮಂಗಳಮ್ಮ ಹೇಳಿದರು. ಅವರು ಪ್ರತಿಪಾದಿಸಿದ ತತ್ವಗಳು ಸಾರ್ವಕಾಲಿಕವಾಗಿವೆ ಎಂದರು. ಸಹಶಿಕ್ಷಕರು, ಶಾಲೆಯ ಮಕ್ಕಳು, ಅಂಗನವಾಡಿ ಮಕ್ಕಳು ಉಪಸ್ಥಿತರಿದ್ದರು. ಕನಕದಾಸರ ಭಾವಚಿತ್ರಕ್ಕೆ ಪುಷ್ಪಾರ್ಚನೆ ಸಲ್ಲಿಸಲಾಯಿತು. ಸೇರಿದಂತೆ ಶಾಲೆಯ ಮಕ್ಕಳು, ಅಂಗನವಾಡಿ ಮಕ್ಕಳು ಉಪಸ್ಥಿತರಿದ್ದರು.
